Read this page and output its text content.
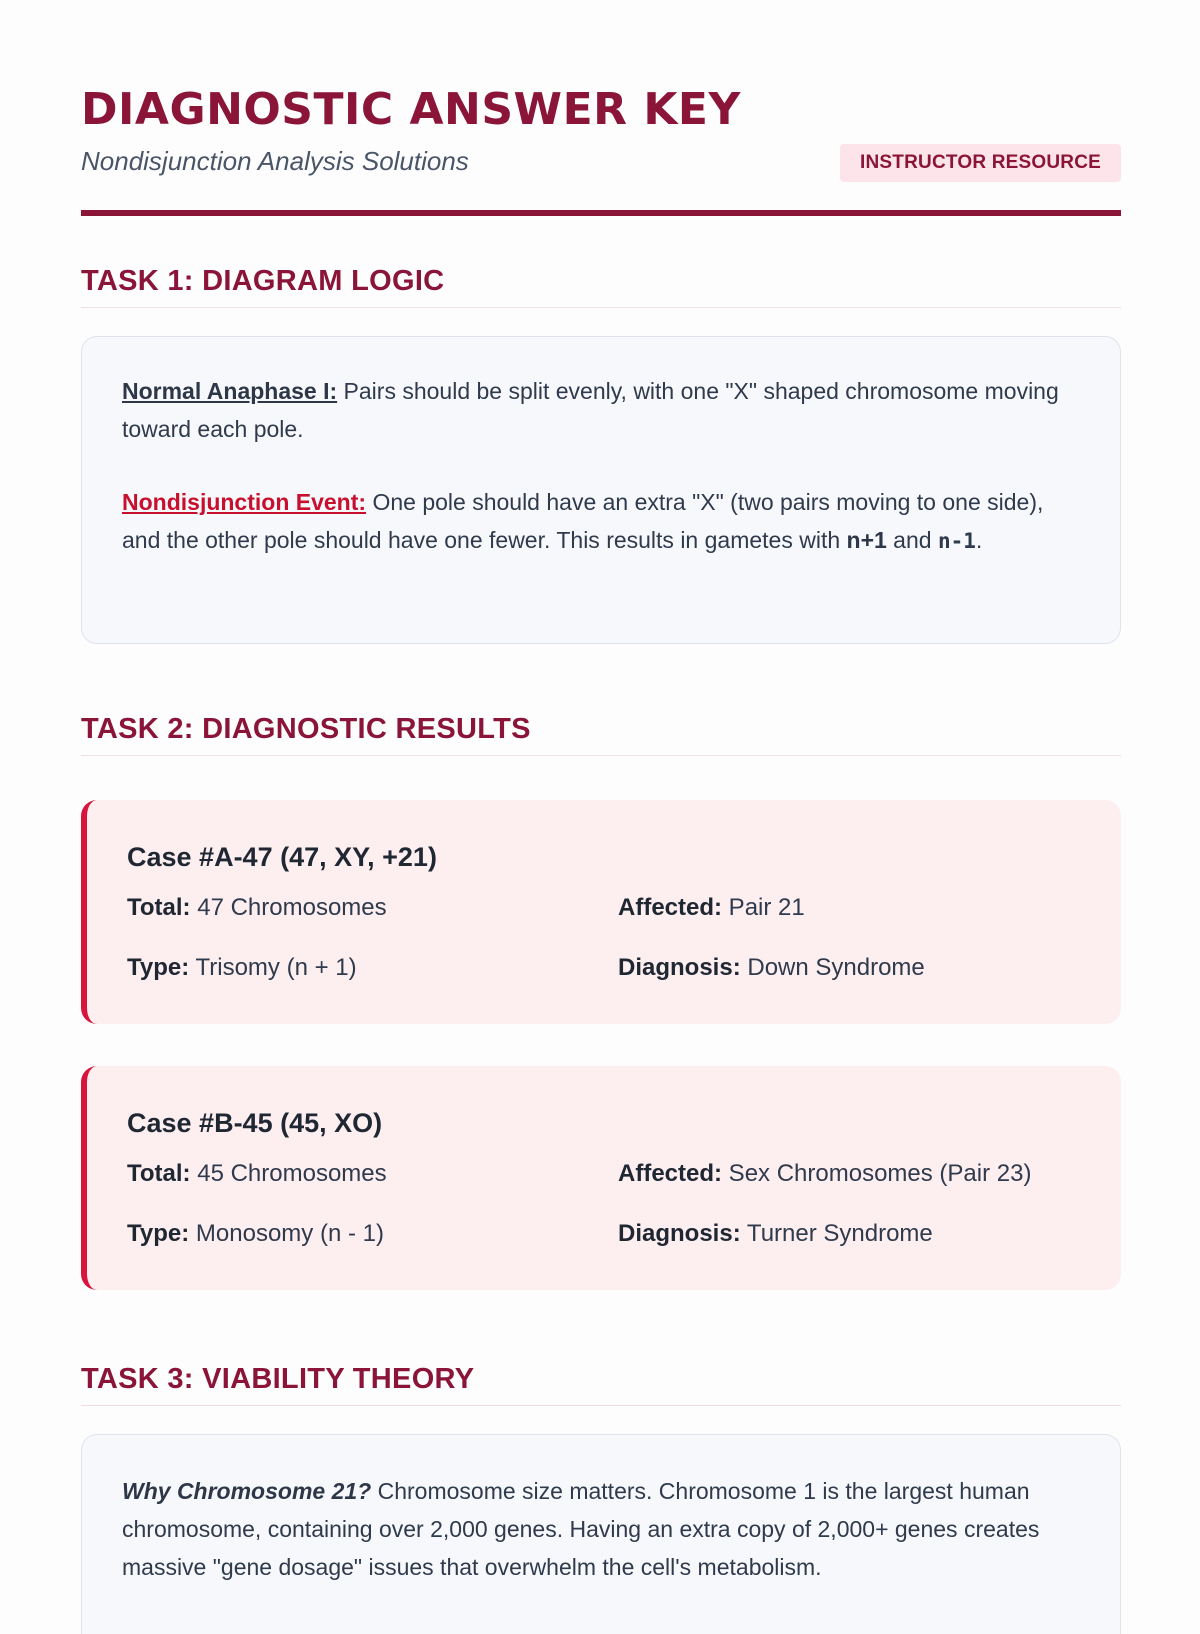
DIAGNOSTIC ANSWER KEY
Nondisjunction Analysis Solutions	INSTRUCTOR RESOURCE
TASK 1: DIAGRAM LOGIC

Normal Anaphase I: Pairs should be split evenly, with one "X" shaped chromosome moving toward each pole.

Nondisjunction Event: One pole should have an extra "X" (two pairs moving to one side), and the other pole should have one fewer. This results in gametes with n+1 and n-1.

TASK 2: DIAGNOSTIC RESULTS
Case #A-47 (47, XY, +21)
Total: 47 Chromosomes	Affected: Pair 21
Type: Trisomy (n + 1)	Diagnosis: Down Syndrome
Case #B-45 (45, XO)
Total: 45 Chromosomes	Affected: Sex Chromosomes (Pair 23)
Type: Monosomy (n - 1)	Diagnosis: Turner Syndrome
TASK 3: VIABILITY THEORY

Why Chromosome 21? Chromosome size matters. Chromosome 1 is the largest human chromosome, containing over 2,000 genes. Having an extra copy of 2,000+ genes creates massive "gene dosage" issues that overwhelm the cell's metabolism.
